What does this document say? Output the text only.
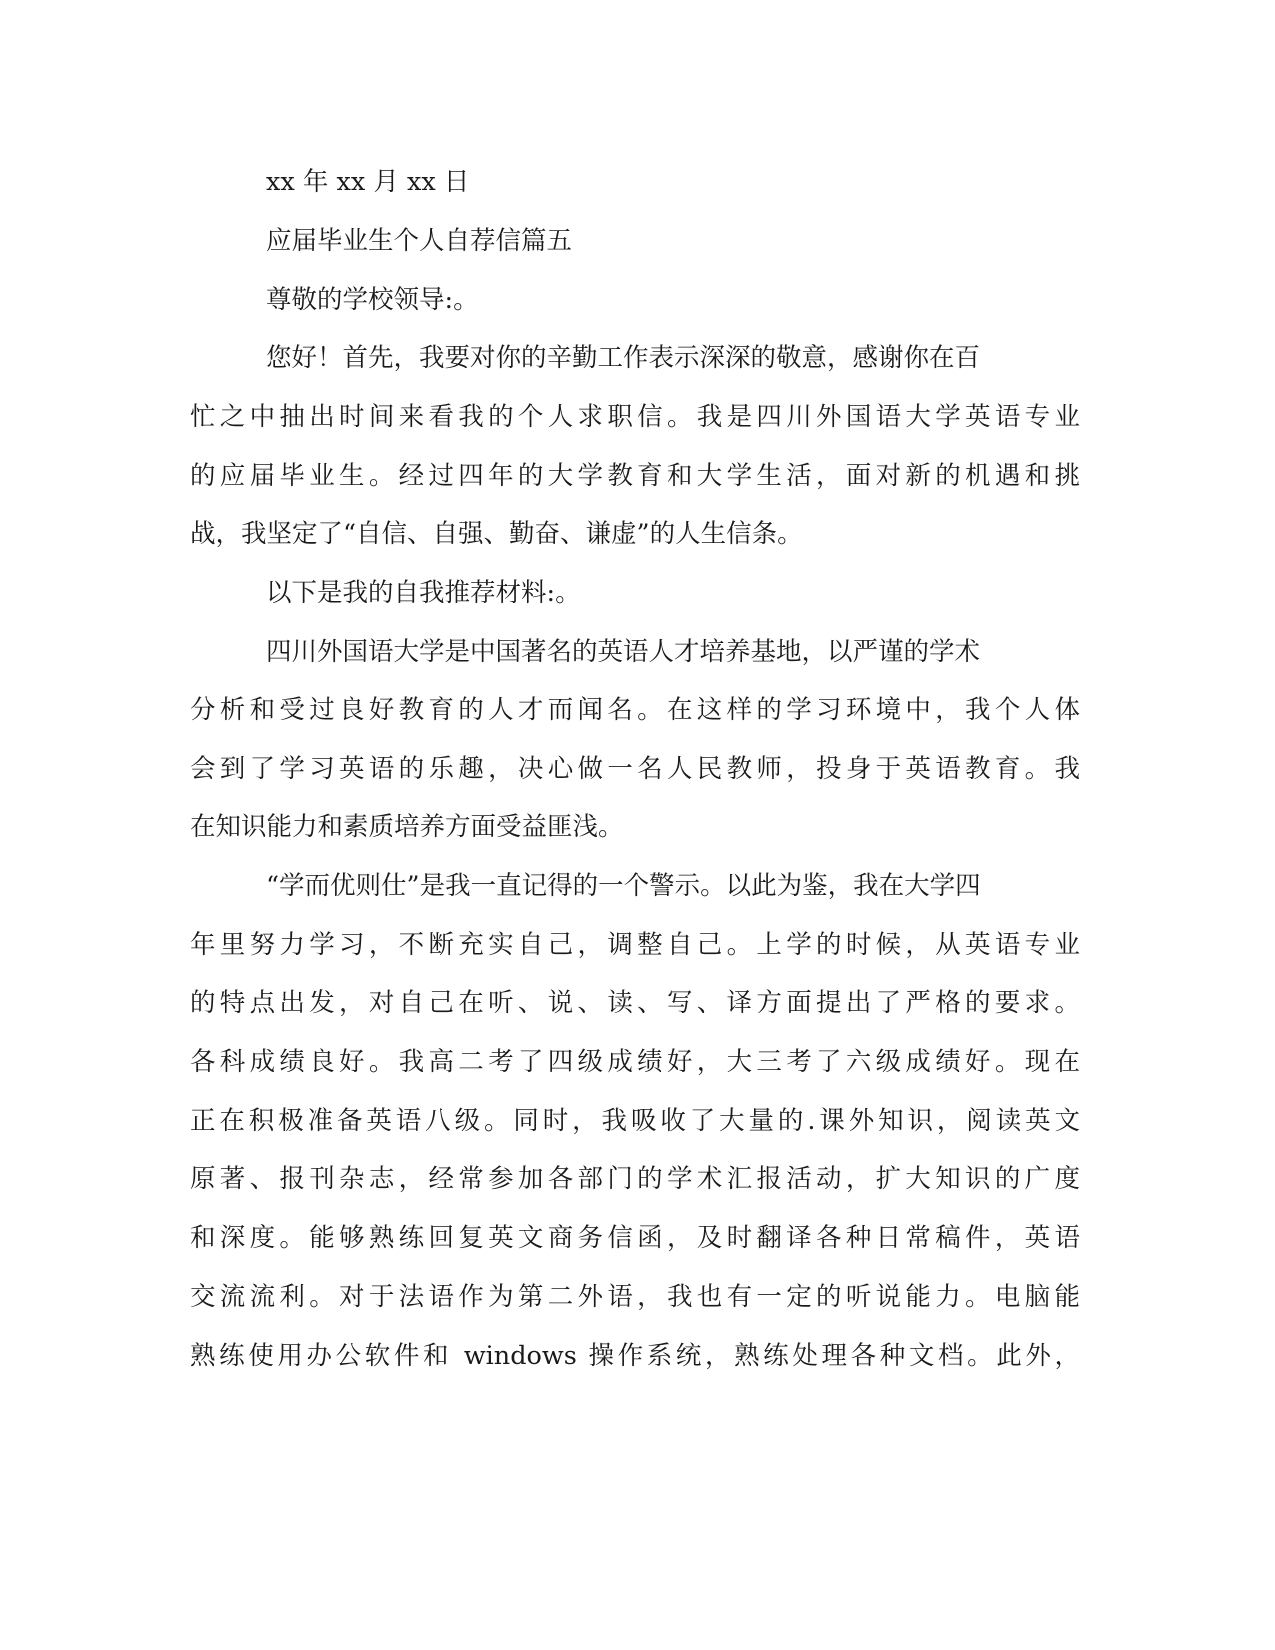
xx 年 xx 月 xx 日

应届毕业生个人自荐信篇五

尊敬的学校领导:。

您好！首先，我要对你的辛勤工作表示深深的敬意，感谢你在百

忙之中抽出时间来看我的个人求职信。我是四川外国语大学英语专业

的应届毕业生。经过四年的大学教育和大学生活，面对新的机遇和挑

战，我坚定了“自信、自强、勤奋、谦虚”的人生信条。

以下是我的自我推荐材料:。

四川外国语大学是中国著名的英语人才培养基地，以严谨的学术

分析和受过良好教育的人才而闻名。在这样的学习环境中，我个人体

会到了学习英语的乐趣，决心做一名人民教师，投身于英语教育。我

在知识能力和素质培养方面受益匪浅。

“学而优则仕”是我一直记得的一个警示。以此为鉴，我在大学四

年里努力学习，不断充实自己，调整自己。上学的时候，从英语专业

的特点出发，对自己在听、说、读、写、译方面提出了严格的要求。

各科成绩良好。我高二考了四级成绩好，大三考了六级成绩好。现在

正在积极准备英语八级。同时，我吸收了大量的.课外知识，阅读英文

原著、报刊杂志，经常参加各部门的学术汇报活动，扩大知识的广度

和深度。能够熟练回复英文商务信函，及时翻译各种日常稿件，英语

交流流利。对于法语作为第二外语，我也有一定的听说能力。电脑能

熟练使用办公软件和 windows 操作系统，熟练处理各种文档。此外，
